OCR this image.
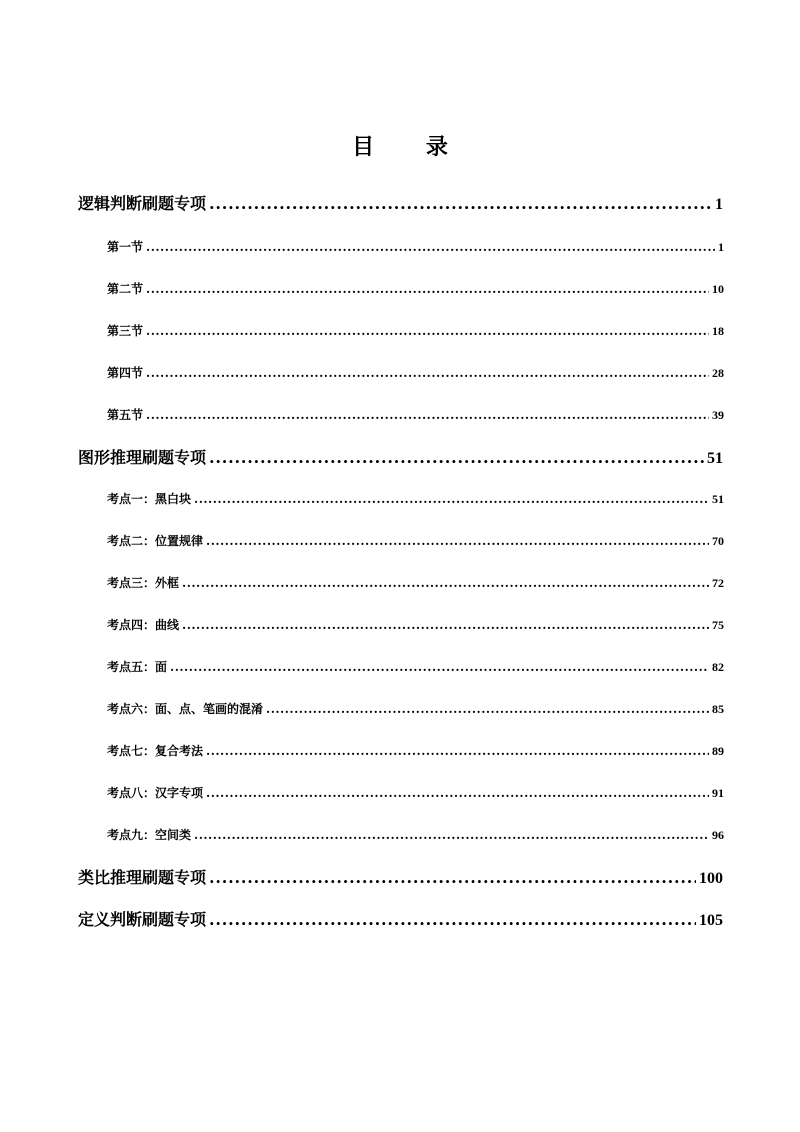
目 录
逻辑判断刷题专项 .....	1
第一节 .....	1
第二节 .....	10
第三节 .....	18
第四节 .....	28
第五节 .....	39
图形推理刷题专项 .....	51
考点一：黑白块 .....	51
考点二：位置规律 .....	70
考点三：外框 .....	72
考点四：曲线 .....	75
考点五：面 .....	82
考点六：面、点、笔画的混淆 .....	85
考点七：复合考法 .....	89
考点八：汉字专项 .....	91
考点九：空间类 .....	96
类比推理刷题专项 .....	100
定义判断刷题专项 .....	105
